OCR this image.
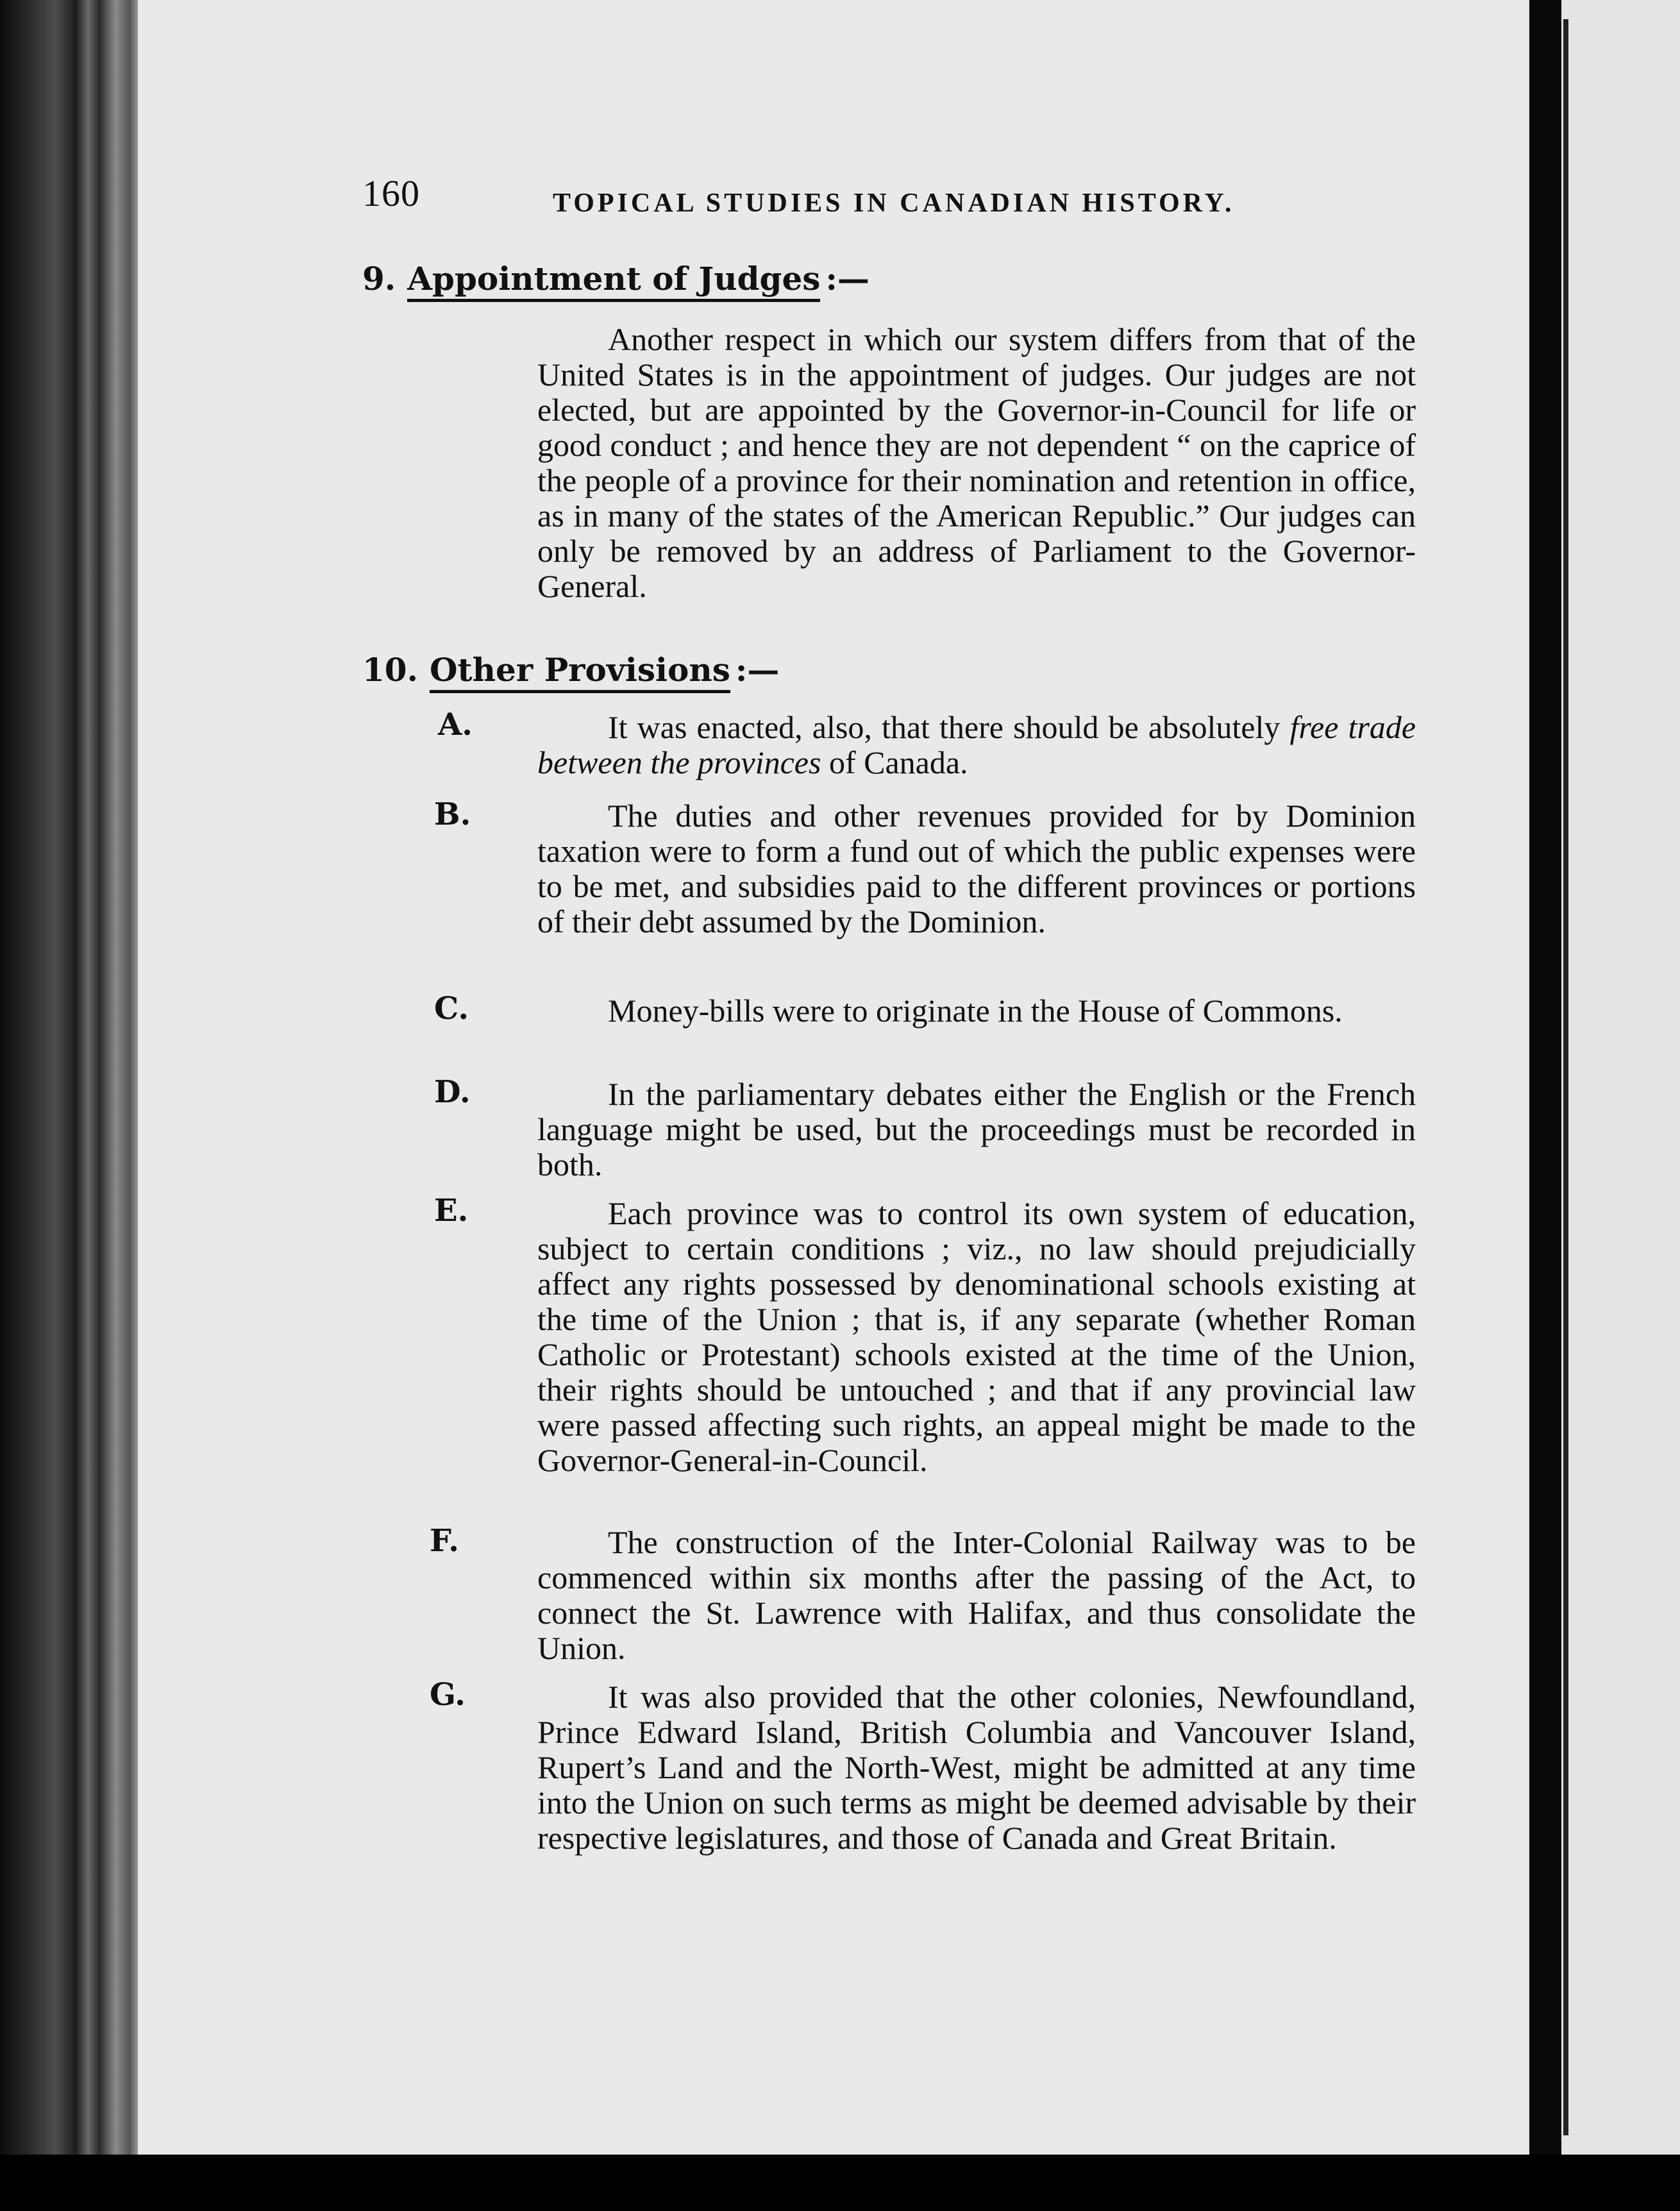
160	TOPICAL STUDIES IN CANADIAN HISTORY.
9. Appointment of Judges :—
Another respect in which our system differs from that of the United States is in the appointment of judges. Our judges are not elected, but are appointed by the Governor-in-Council for life or good conduct ; and hence they are not dependent “ on the caprice of the people of a province for their nomination and retention in office, as in many of the states of the American Republic.” Our judges can only be removed by an address of Parliament to the Governor-General.
10. Other Provisions :—
A.	It was enacted, also, that there should be absolutely free trade between the provinces of Canada.
B.	The duties and other revenues provided for by Dominion taxation were to form a fund out of which the public expenses were to be met, and subsidies paid to the different provinces or portions of their debt assumed by the Dominion.
C.	Money-bills were to originate in the House of Commons.
D.	In the parliamentary debates either the English or the French language might be used, but the proceedings must be recorded in both.
E.	Each province was to control its own system of education, subject to certain conditions ; viz., no law should prejudicially affect any rights possessed by denominational schools existing at the time of the Union ; that is, if any separate (whether Roman Catholic or Protestant) schools existed at the time of the Union, their rights should be untouched ; and that if any provincial law were passed affecting such rights, an appeal might be made to the Governor-General-in-Council.
F.	The construction of the Inter-Colonial Railway was to be commenced within six months after the passing of the Act, to connect the St. Lawrence with Halifax, and thus consolidate the Union.
G.	It was also provided that the other colonies, Newfoundland, Prince Edward Island, British Columbia and Vancouver Island, Rupert’s Land and the North-West, might be admitted at any time into the Union on such terms as might be deemed advisable by their respective legislatures, and those of Canada and Great Britain.
